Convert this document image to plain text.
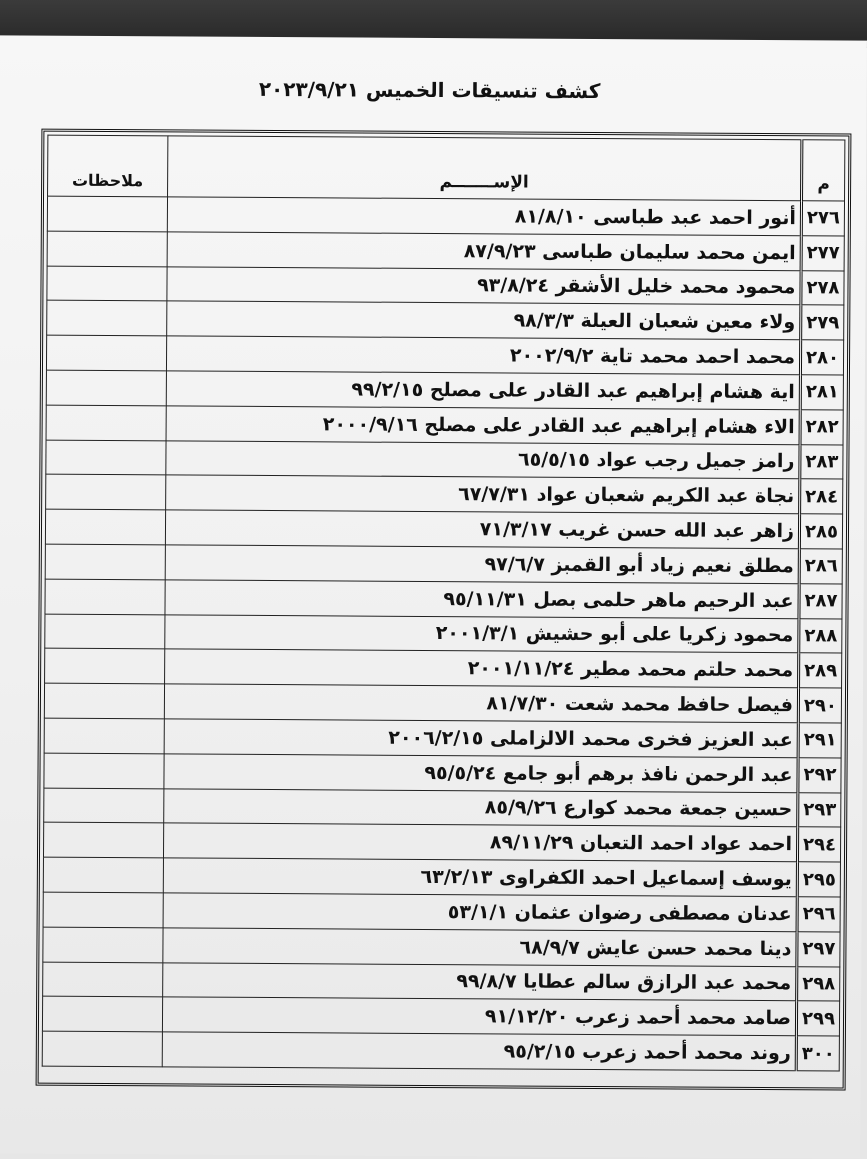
كشف تنسيقات الخميس ٢٠٢٣/٩/٢١
م	الإســـــــم	ملاحظات
٢٧٦	أنور احمد عبد طباسى ٨١/٨/١٠	
٢٧٧	ايمن محمد سليمان طباسى ٨٧/٩/٢٣	
٢٧٨	محمود محمد خليل الأشقر ٩٣/٨/٢٤	
٢٧٩	ولاء معين شعبان العيلة ٩٨/٣/٣	
٢٨٠	محمد احمد محمد تاية ٢٠٠٢/٩/٢	
٢٨١	اية هشام إبراهيم عبد القادر على مصلح ٩٩/٢/١٥	
٢٨٢	الاء هشام إبراهيم عبد القادر على مصلح ٢٠٠٠/٩/١٦	
٢٨٣	رامز جميل رجب عواد ٦٥/٥/١٥	
٢٨٤	نجاة عبد الكريم شعبان عواد ٦٧/٧/٣١	
٢٨٥	زاهر عبد الله حسن غريب ٧١/٣/١٧	
٢٨٦	مطلق نعيم زياد أبو القمبز ٩٧/٦/٧	
٢٨٧	عبد الرحيم ماهر حلمى بصل ٩٥/١١/٣١	
٢٨٨	محمود زكريا على أبو حشيش ٢٠٠١/٣/١	
٢٨٩	محمد حلتم محمد مطير ٢٠٠١/١١/٢٤	
٢٩٠	فيصل حافظ محمد شعت ٨١/٧/٣٠	
٢٩١	عبد العزيز فخرى محمد الالزاملى ٢٠٠٦/٢/١٥	
٢٩٢	عبد الرحمن نافذ برهم أبو جامع ٩٥/٥/٢٤	
٢٩٣	حسين جمعة محمد كوارع ٨٥/٩/٢٦	
٢٩٤	احمد عواد احمد التعبان ٨٩/١١/٢٩	
٢٩٥	يوسف إسماعيل احمد الكفراوى ٦٣/٢/١٣	
٢٩٦	عدنان مصطفى رضوان عثمان ٥٣/١/١	
٢٩٧	دينا محمد حسن عايش ٦٨/٩/٧	
٢٩٨	محمد عبد الرازق سالم عطايا ٩٩/٨/٧	
٢٩٩	صامد محمد أحمد زعرب ٩١/١٢/٢٠	
٣٠٠	روند محمد أحمد زعرب ٩٥/٢/١٥	
